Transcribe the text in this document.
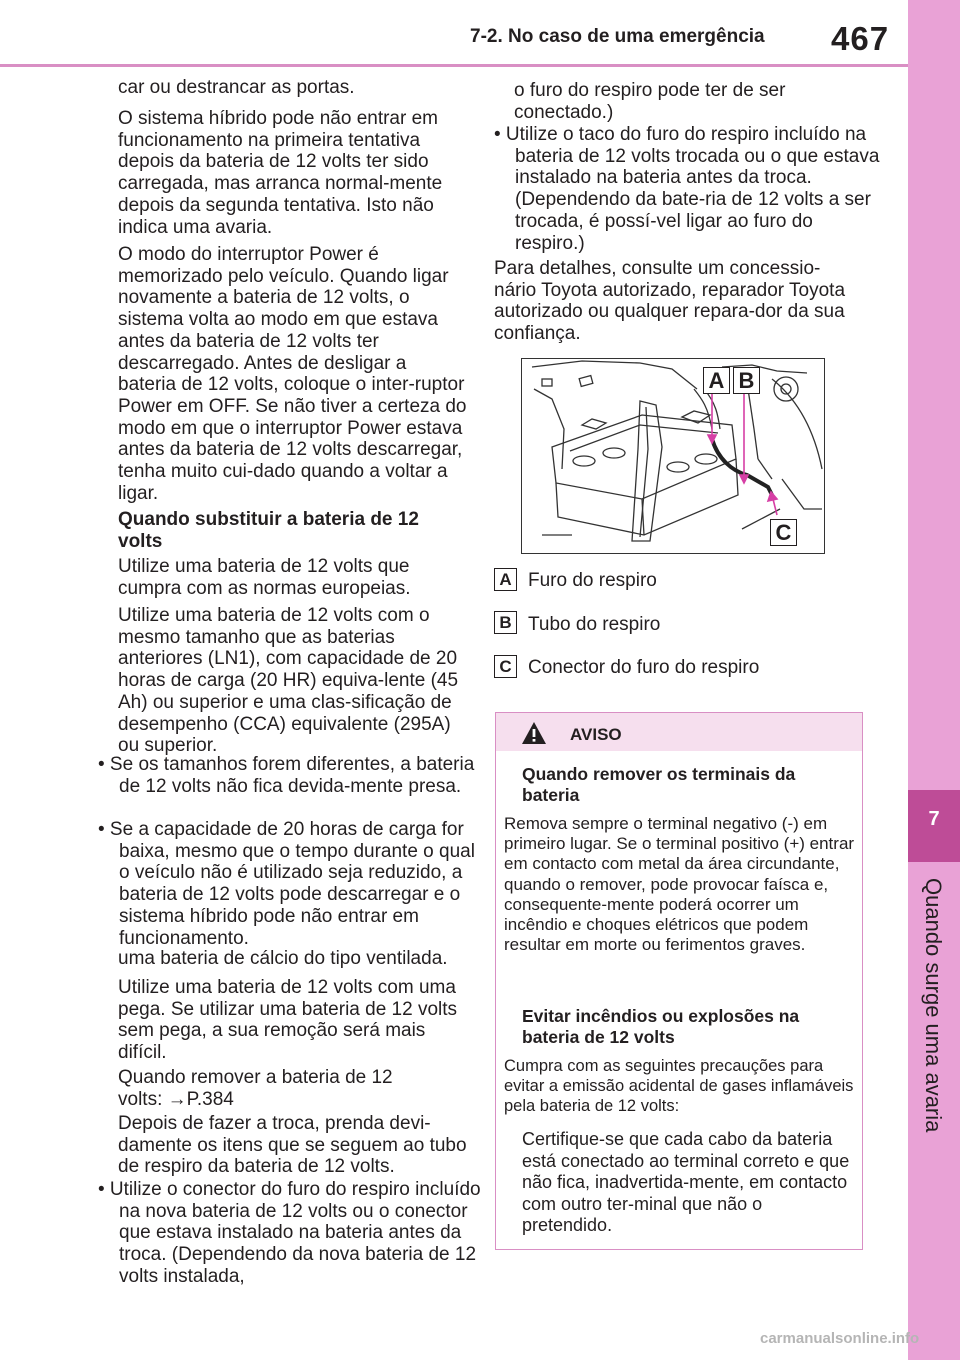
7-2. No caso de uma emergência 467
7
Quando surge uma avaria

car ou destrancar as portas.

O sistema híbrido pode não entrar em funcionamento na primeira tentativa depois da bateria de 12 volts ter sido carregada, mas arranca normal-mente depois da segunda tentativa. Isto não indica uma avaria.

O modo do interruptor Power é memorizado pelo veículo. Quando ligar novamente a bateria de 12 volts, o sistema volta ao modo em que estava antes da bateria de 12 volts ter descarregado. Antes de desligar a bateria de 12 volts, coloque o inter-ruptor Power em OFF. Se não tiver a certeza do modo em que o interruptor Power estava antes da bateria de 12 volts descarregar, tenha muito cui-dado quando a voltar a ligar.

Quando substituir a bateria de 12 volts

Utilize uma bateria de 12 volts que cumpra com as normas europeias.

Utilize uma bateria de 12 volts com o mesmo tamanho que as baterias anteriores (LN1), com capacidade de 20 horas de carga (20 HR) equiva-lente (45 Ah) ou superior e uma clas-sificação de desempenho (CCA) equivalente (295A) ou superior.

• Se os tamanhos forem diferentes, a bateria de 12 volts não fica devida-mente presa.

• Se a capacidade de 20 horas de carga for baixa, mesmo que o tempo durante o qual o veículo não é utilizado seja reduzido, a bateria de 12 volts pode descarregar e o sistema híbrido pode não entrar em funcionamento.

uma bateria de cálcio do tipo ventilada.

Utilize uma bateria de 12 volts com uma pega. Se utilizar uma bateria de 12 volts sem pega, a sua remoção será mais difícil.

Quando remover a bateria de 12 volts: →P.384

Depois de fazer a troca, prenda devi-damente os itens que se seguem ao tubo de respiro da bateria de 12 volts.

• Utilize o conector do furo do respiro incluído na nova bateria de 12 volts ou o conector que estava instalado na bateria antes da troca. (Dependendo da nova bateria de 12 volts instalada,

o furo do respiro pode ter de ser conectado.)

• Utilize o taco do furo do respiro incluído na bateria de 12 volts trocada ou o que estava instalado na bateria antes da troca. (Dependendo da bate-ria de 12 volts a ser trocada, é possí-vel ligar ao furo do respiro.)

Para detalhes, consulte um concessio-nário Toyota autorizado, reparador Toyota autorizado ou qualquer repara-dor da sua confiança.

A B
C
A Furo do respiro
B Tubo do respiro
C Conector do furo do respiro
AVISO

Quando remover os terminais da bateria

Remova sempre o terminal negativo (-) em primeiro lugar. Se o terminal positivo (+) entrar em contacto com metal da área circundante, quando o remover, pode provocar faísca e, consequente-mente poderá ocorrer um incêndio e choques elétricos que podem resultar em morte ou ferimentos graves.

Evitar incêndios ou explosões na bateria de 12 volts

Cumpra com as seguintes precauções para evitar a emissão acidental de gases inflamáveis pela bateria de 12 volts:

Certifique-se que cada cabo da bateria está conectado ao terminal correto e que não fica, inadvertida-mente, em contacto com outro ter-minal que não o pretendido.

carmanualsonline.info
